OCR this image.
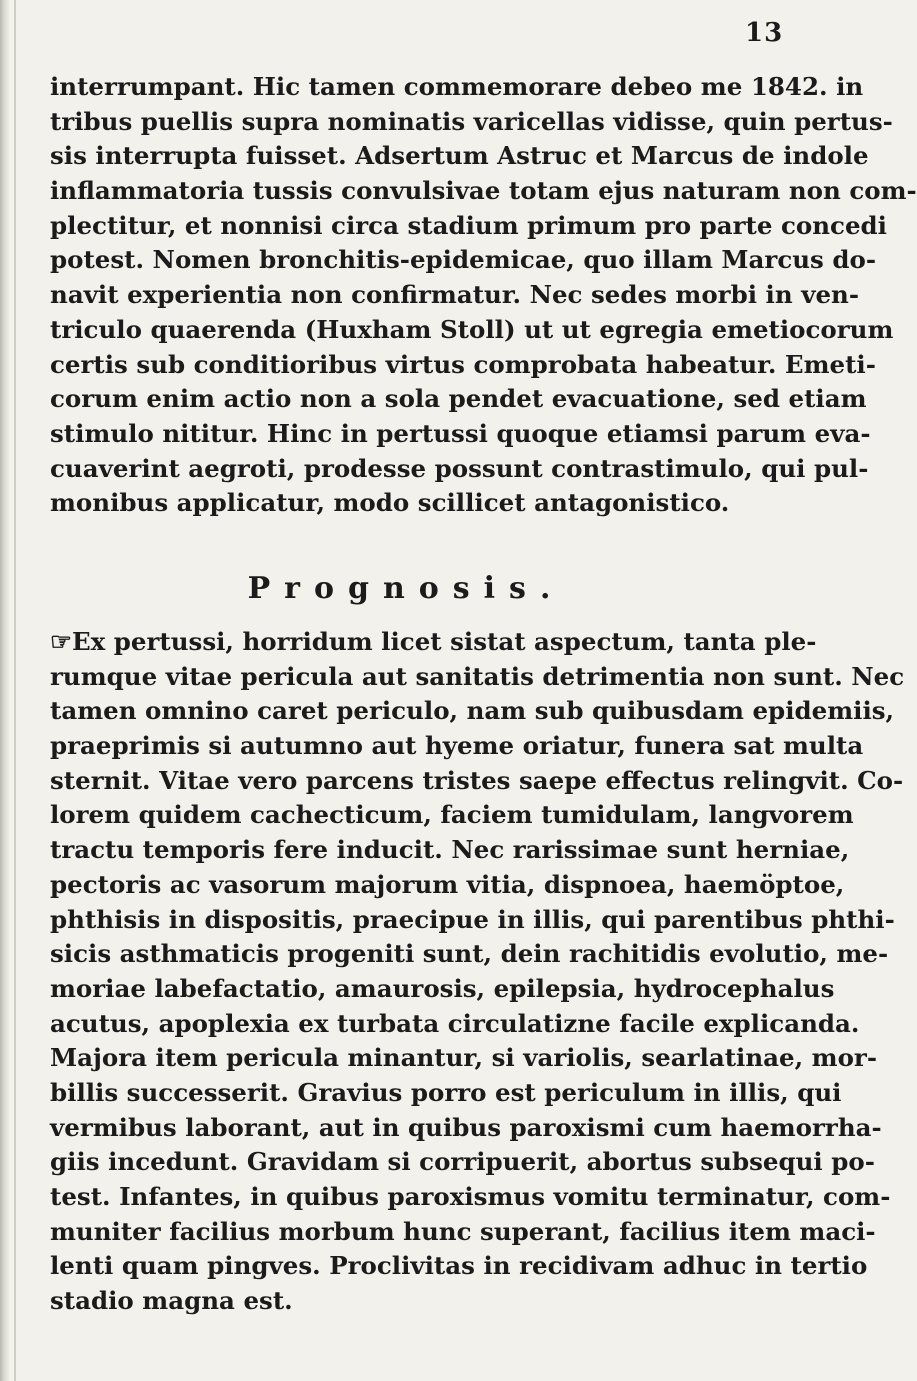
13
interrumpant. Hic tamen commemorare debeo me 1842. in
tribus puellis supra nominatis varicellas vidisse, quin pertus-
sis interrupta fuisset. Adsertum Astruc et Marcus de indole
inflammatoria tussis convulsivae totam ejus naturam non com-
plectitur, et nonnisi circa stadium primum pro parte concedi
potest. Nomen bronchitis-epidemicae, quo illam Marcus do-
navit experientia non confirmatur. Nec sedes morbi in ven-
triculo quaerenda (Huxham Stoll) ut ut egregia emetiocorum
certis sub conditioribus virtus comprobata habeatur. Emeti-
corum enim actio non a sola pendet evacuatione, sed etiam
stimulo nititur. Hinc in pertussi quoque etiamsi parum eva-
cuaverint aegroti, prodesse possunt contrastimulo, qui pul-
monibus applicatur, modo scillicet antagonistico.
Prognosis.
☞Ex pertussi, horridum licet sistat aspectum, tanta ple-
rumque vitae pericula aut sanitatis detrimentia non sunt. Nec
tamen omnino caret periculo, nam sub quibusdam epidemiis,
praeprimis si autumno aut hyeme oriatur, funera sat multa
sternit. Vitae vero parcens tristes saepe effectus relingvit. Co-
lorem quidem cachecticum, faciem tumidulam, langvorem
tractu temporis fere inducit. Nec rarissimae sunt herniae,
pectoris ac vasorum majorum vitia, dispnoea, haemöptoe,
phthisis in dispositis, praecipue in illis, qui parentibus phthi-
sicis asthmaticis progeniti sunt, dein rachitidis evolutio, me-
moriae labefactatio, amaurosis, epilepsia, hydrocephalus
acutus, apoplexia ex turbata circulatizne facile explicanda.
Majora item pericula minantur, si variolis, searlatinae, mor-
billis successerit. Gravius porro est periculum in illis, qui
vermibus laborant, aut in quibus paroxismi cum haemorrha-
giis incedunt. Gravidam si corripuerit, abortus subsequi po-
test. Infantes, in quibus paroxismus vomitu terminatur, com-
muniter facilius morbum hunc superant, facilius item maci-
lenti quam pingves. Proclivitas in recidivam adhuc in tertio
stadio magna est.
